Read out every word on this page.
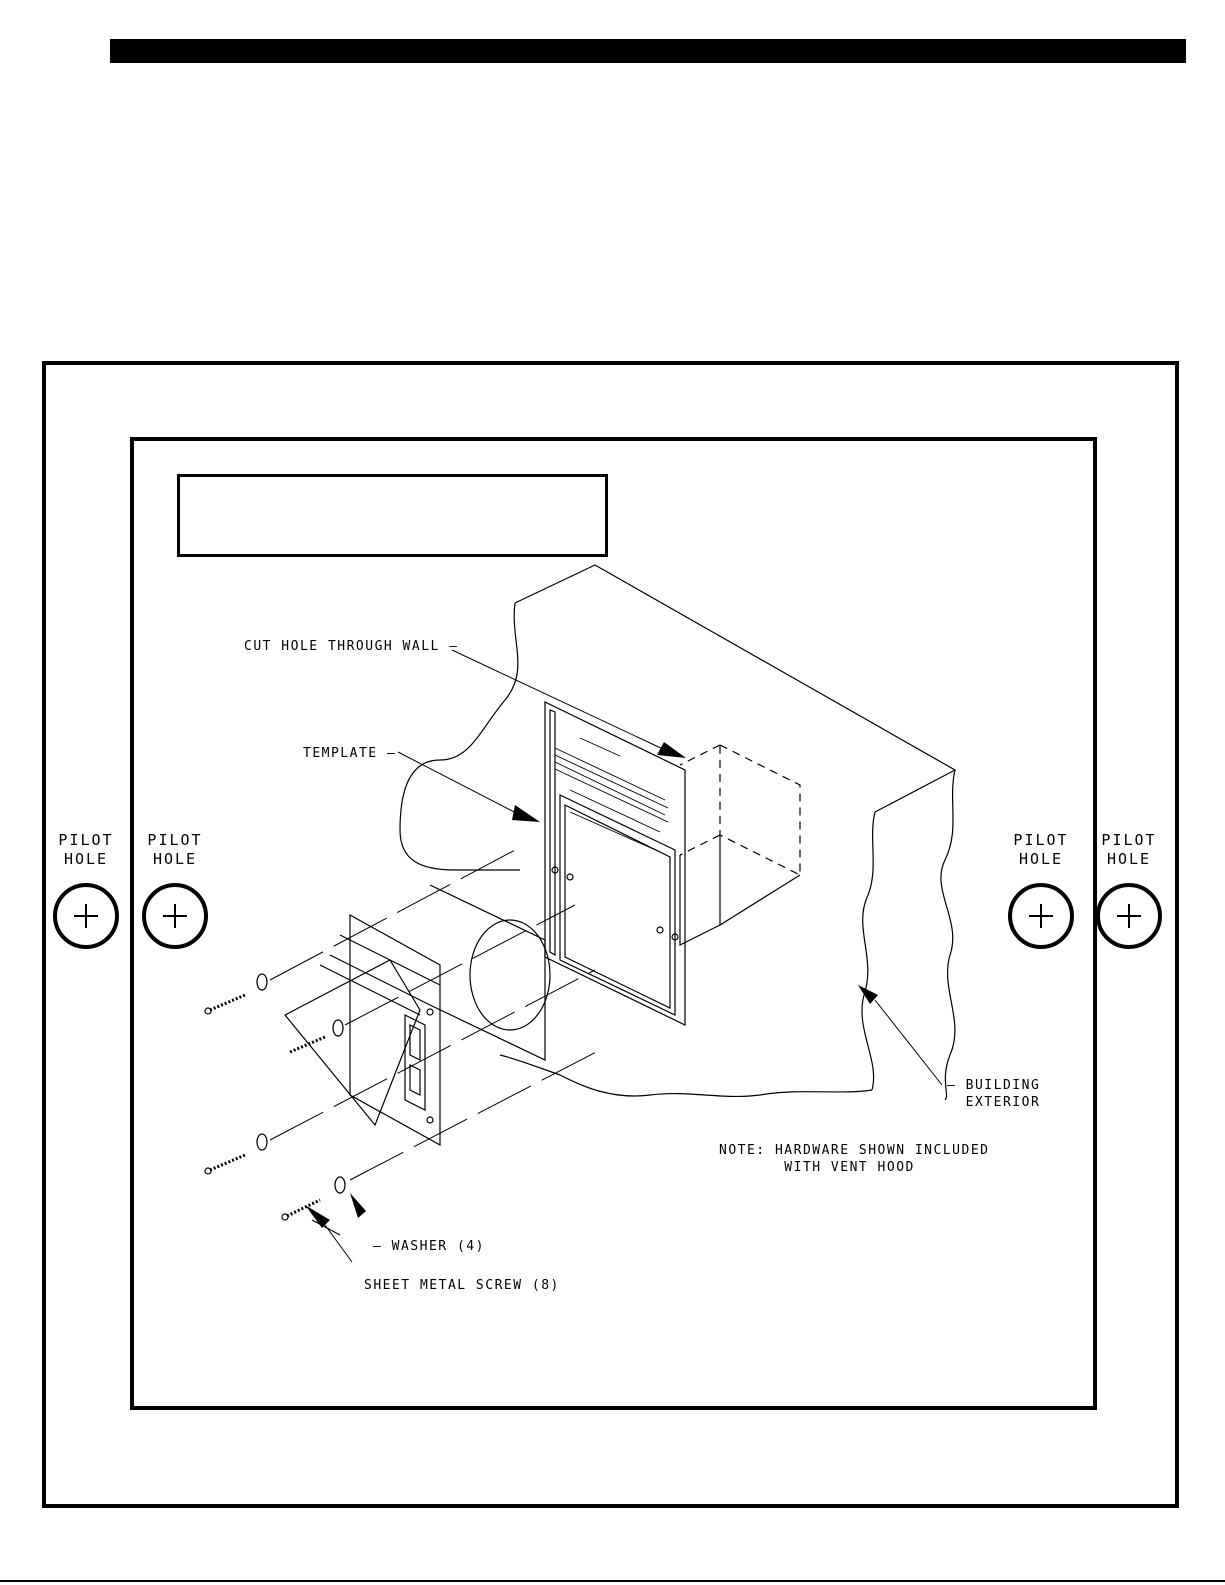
PILOT
HOLE
PILOT
HOLE
PILOT
HOLE
PILOT
HOLE
CUT HOLE THROUGH WALL –
TEMPLATE –
– BUILDING
EXTERIOR
NOTE: HARDWARE SHOWN INCLUDED
WITH VENT HOOD
– WASHER (4)
SHEET METAL SCREW (8)
